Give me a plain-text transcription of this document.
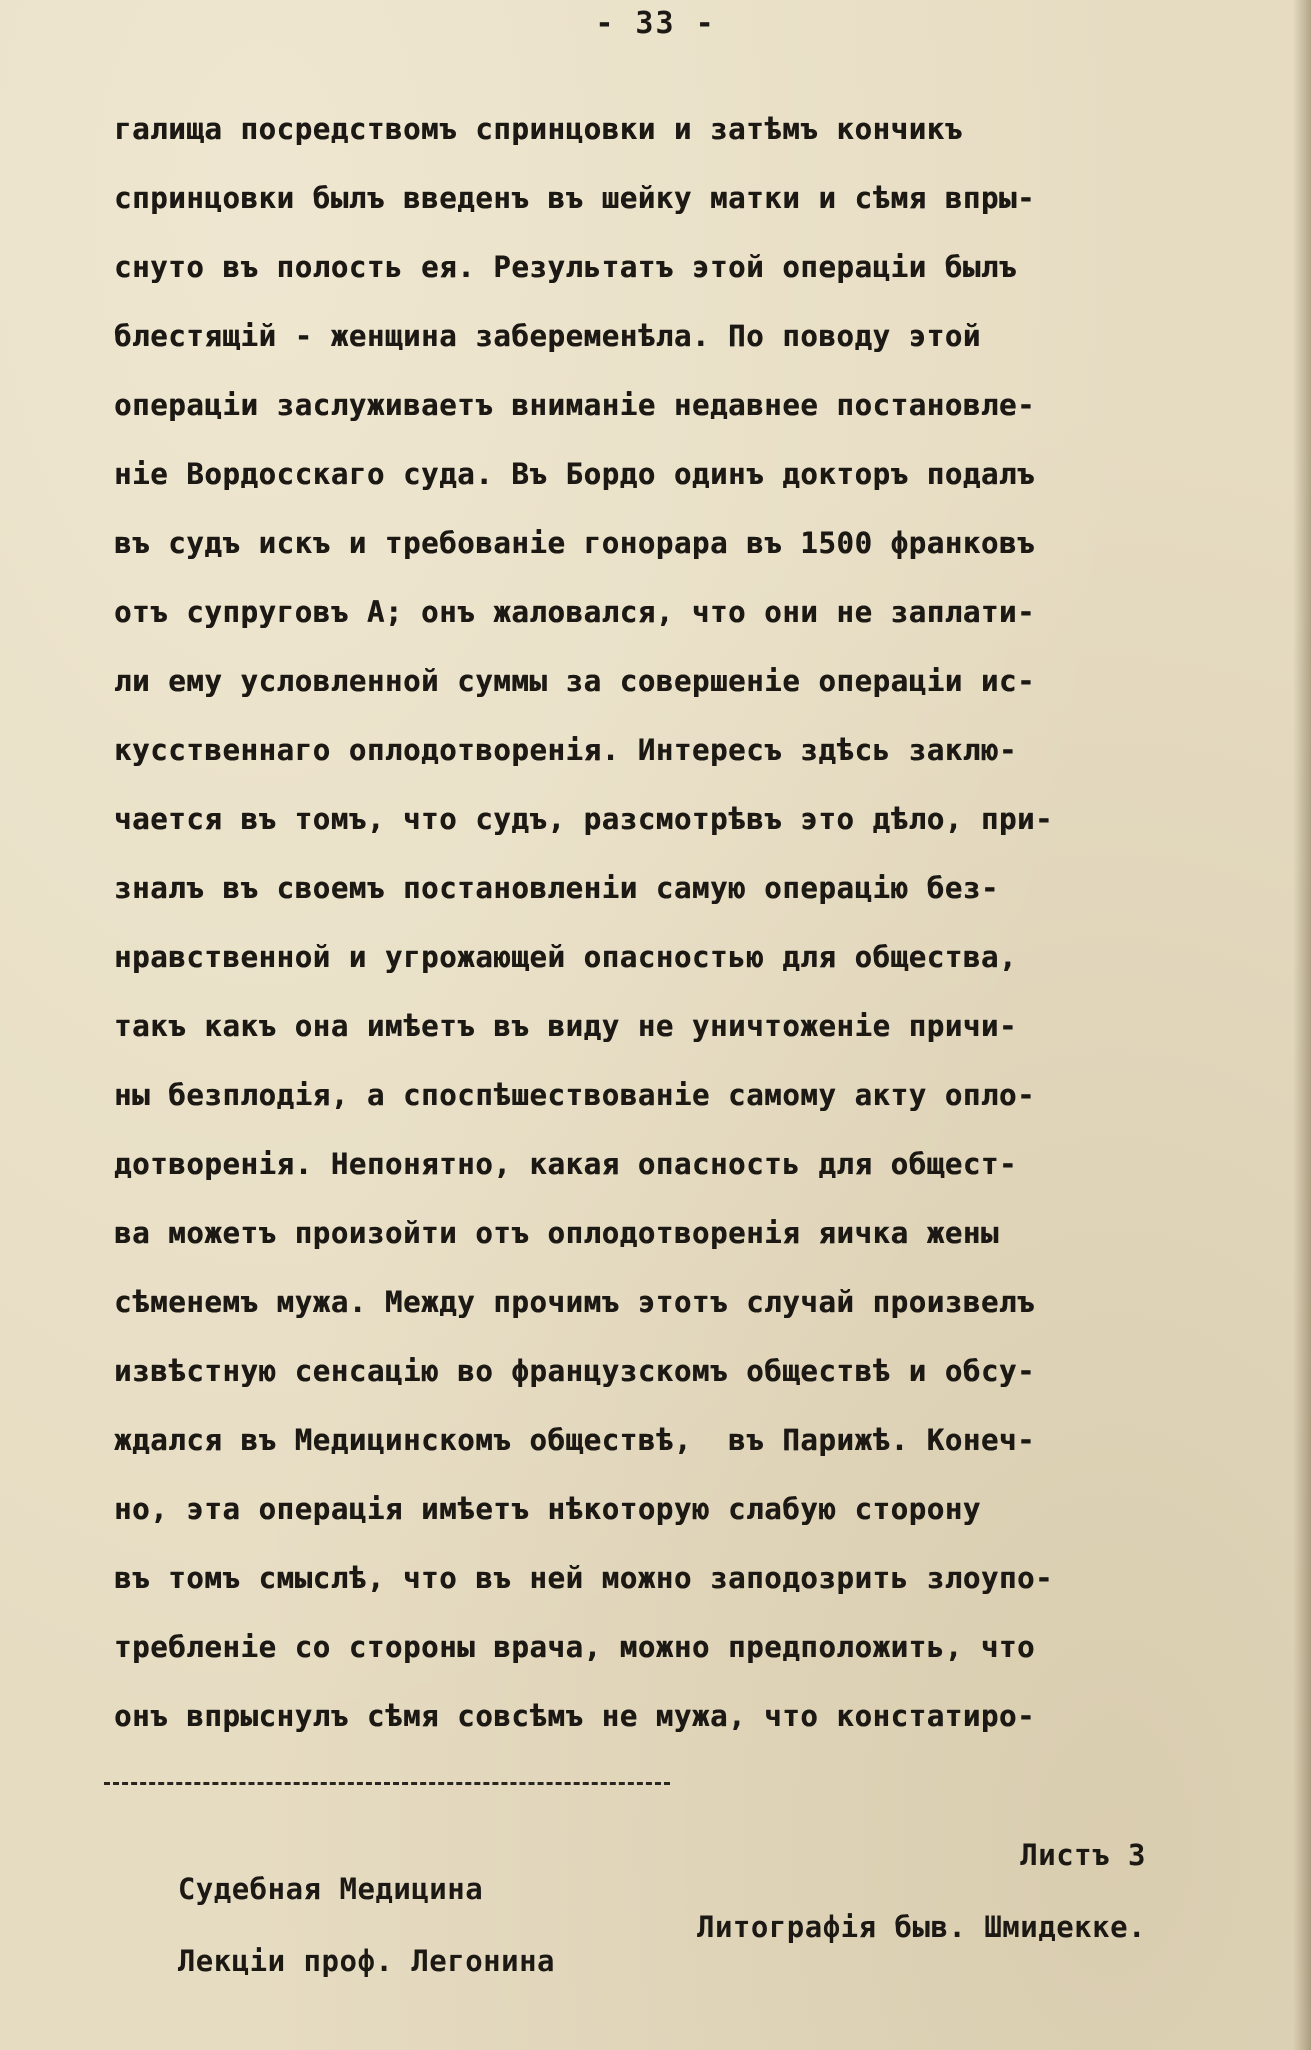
- 33 -
галища посредствомъ спринцовки и затѣмъ кончикъ
спринцовки былъ введенъ въ шейку матки и сѣмя впры-
снуто въ полость ея. Результатъ этой операціи былъ
блестящій - женщина забеременѣла. По поводу этой
операціи заслуживаетъ вниманіе недавнее постановле-
ніе Вордосскаго суда. Въ Бордо одинъ докторъ подалъ
въ судъ искъ и требованіе гонорара въ 1500 франковъ
отъ супруговъ А; онъ жаловался, что они не заплати-
ли ему условленной суммы за совершеніе операціи ис-
кусственнаго оплодотворенія. Интересъ здѣсь заклю-
чается въ томъ, что судъ, разсмотрѣвъ это дѣло, при-
зналъ въ своемъ постановленіи самую операцію без-
нравственной и угрожающей опасностью для общества,
такъ какъ она имѣетъ въ виду не уничтоженіе причи-
ны безплодія, а споспѣшествованіе самому акту опло-
дотворенія. Непонятно, какая опасность для общест-
ва можетъ произойти отъ оплодотворенія яичка жены
сѣменемъ мужа. Между прочимъ этотъ случай произвелъ
извѣстную сенсацію во французскомъ обществѣ и обсу-
ждался въ Медицинскомъ обществѣ,  въ Парижѣ. Конеч-
но, эта операція имѣетъ нѣкоторую слабую сторону
въ томъ смыслѣ, что въ ней можно заподозрить злоупо-
требленіе со стороны врача, можно предположить, что
онъ впрыснулъ сѣмя совсѣмъ не мужа, что констатиро-

Судебная Медицина

Листъ 3

Лекціи проф. Легонина

Литографія быв. Шмидекке.
